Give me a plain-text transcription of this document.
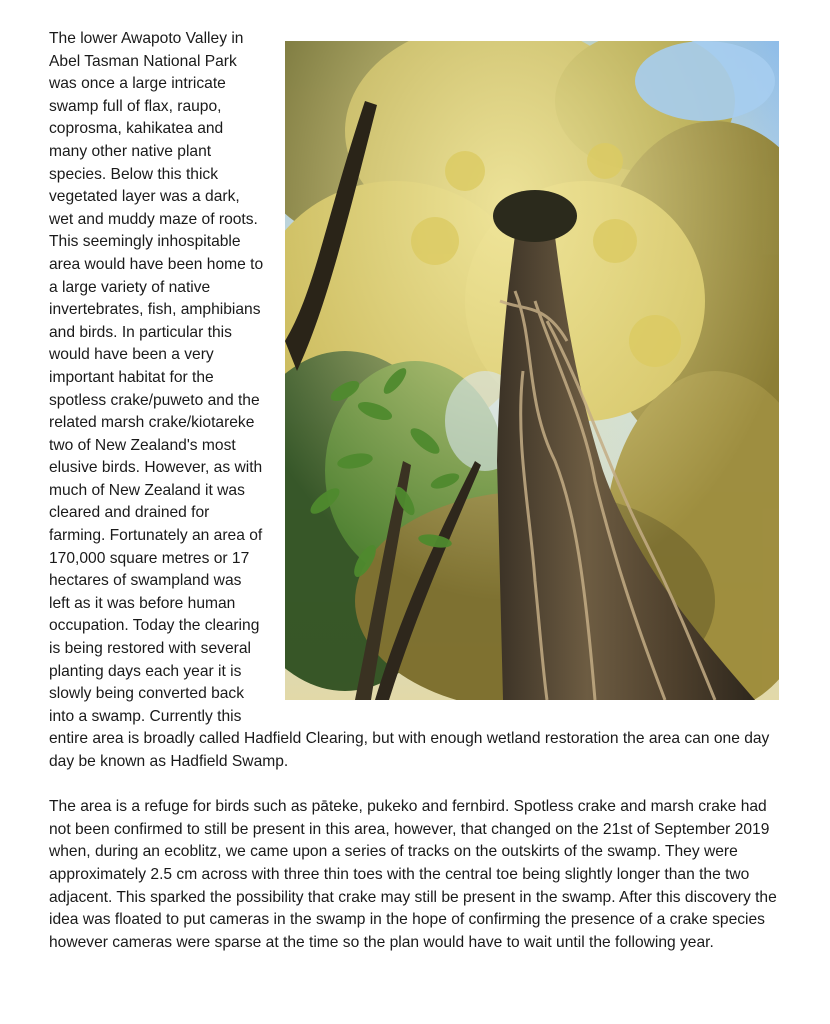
The lower Awapoto Valley in Abel Tasman National Park was once a large intricate swamp full of flax, raupo, coprosma, kahikatea and many other native plant species. Below this thick vegetated layer was a dark, wet and muddy maze of roots. This seemingly inhospitable area would have been home to a large variety of native invertebrates, fish, amphibians and birds. In particular this would have been a very important habitat for the spotless crake/puweto and the related marsh crake/kiotareke two of New Zealand's most elusive birds. However, as with much of New Zealand it was cleared and drained for farming. Fortunately an area of 170,000 square metres or 17 hectares of swampland was left as it was before human occupation. Today the clearing is being restored with several planting days each year it is slowly being converted back into a swamp. Currently this entire area is broadly called Hadfield Clearing, but with enough wetland restoration the area can one day day be known as Hadfield Swamp.

The area is a refuge for birds such as pāteke, pukeko and fernbird. Spotless crake and marsh crake had not been confirmed to still be present in this area, however, that changed on the 21st of September 2019 when, during an ecoblitz, we came upon a series of tracks on the outskirts of the swamp. They were approximately 2.5 cm across with three thin toes with the central toe being slightly longer than the two adjacent. This sparked the possibility that crake may still be present in the swamp. After this discovery the idea was floated to put cameras in the swamp in the hope of confirming the presence of a crake species however cameras were sparse at the time so the plan would have to wait until the following year.
